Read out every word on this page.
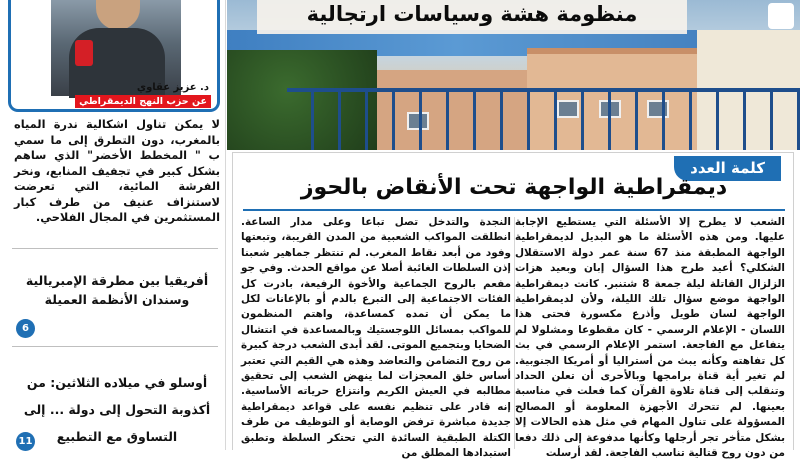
د. عزيز عقاوي
عن حزب النهج الديمقراطي

لا يمكن تناول اشكالية ندرة المياه بالمغرب، دون التطرق إلى ما سمي ب " المخطط الأخضر" الذي ساهم بشكل كبير في تجفيف المنابع، ونخر الفرشة المائية، التي تعرضت لاستنزاف عنيف من طرف كبار المستثمرين في المجال الفلاحي.

أفريقيا بين مطرقة الإمبريالية وسندان الأنظمة العميلة
6
أوسلو في ميلاده الثلاثين: من أكذوبة التحول إلى دولة ... إلى التساوق مع التطبيع
11
منظومة هشة وسياسات ارتجالية
كلمة العدد
ديمقراطية الواجهة تحت الأنقاض بالحوز

الشعب لا يطرح إلا الأسئلة التي يستطيع الإجابة عليها. ومن هذه الأسئلة ما هو البديل لديمقراطية الواجهة المطبقة منذ 67 سنة عمر دولة الاستقلال الشكلي؟ أعيد طرح هذا السؤال إبان وبعيد هزات الزلزال القاتلة ليلة جمعة 8 شتنبر. كانت ديمقراطية الواجهة موضع سؤال تلك الليلة، ولأن لديمقراطية الواجهة لسان طويل وأذرع مكسورة فحتى هذا اللسان - الإعلام الرسمي - كان مقطوعا ومشلولا لم يتفاعل مع الفاجعة. استمر الإعلام الرسمي في بث كل تفاهته وكأنه يبث من أستراليا أو أمريكا الجنوبية. لم تغير أية قناة برامجها وبالأحرى أن تعلن الحداد وتنقلب إلى قناة تلاوة القرآن كما فعلت في مناسبة بعينها. لم تتحرك الأجهزة المعلومة أو المصالح المسؤولة على تناول المهام في مثل هذه الحالات إلا بشكل متأخر تجر أرجلها وكأنها مدفوعة إلى ذلك دفعا من دون روح قتالية تناسب الفاجعة. لقد أرسلت

النجدة والتدخل تصل تباعا وعلى مدار الساعة. انطلقت المواكب الشعبية من المدن القريبة، وتبعتها وفود من أبعد نقاط المغرب. لم تنتظر جماهير شعبنا إذن السلطات الغائبة أصلا عن مواقع الحدث. وفي جو مفعم بالروح الجماعية والأخوة الرفيعة، بادرت كل الفئات الاجتماعية إلى التبرع بالدم أو بالإعانات لكل ما يمكن أن تمده كمساعدة، واهتم المنظمون للمواكب بمسائل اللوجستيك وبالمساعدة في انتشال الضحايا وبتجميع الموتى. لقد أبدى الشعب درجة كبيرة من روح التضامن والتعاضد وهذه هي القيم التي تعتبر أساس خلق المعجزات لما ينهض الشعب إلى تحقيق مطالبه في العيش الكريم وانتزاع حرياته الأساسية. إنه قادر على تنظيم نفسه على قواعد ديمقراطية جديدة مباشرة ترفض الوصاية أو التوظيف من طرف الكتلة الطبقية السائدة التي تحتكر السلطة وتطبق استبدادها المطلق من
